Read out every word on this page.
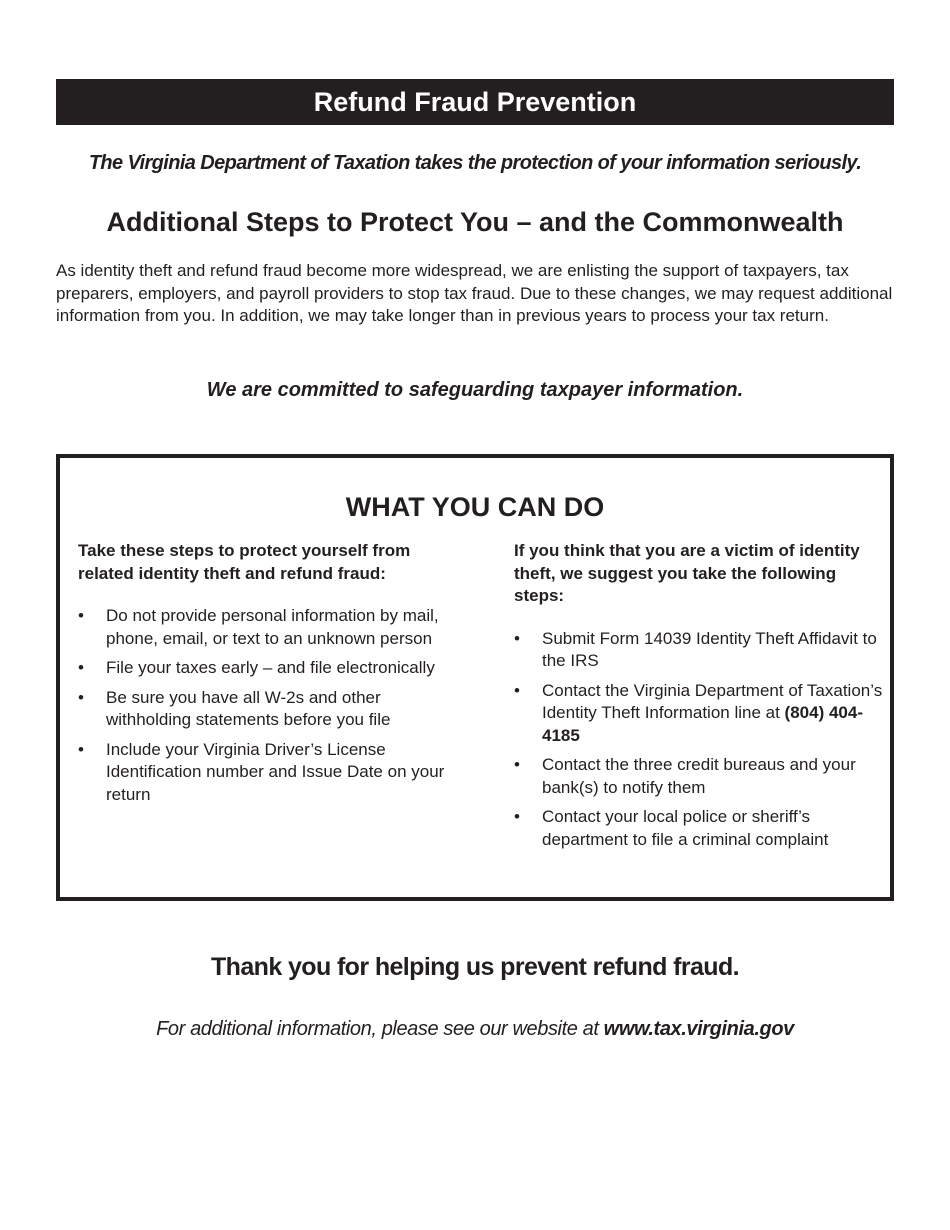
Refund Fraud Prevention
The Virginia Department of Taxation takes the protection of your information seriously.
Additional Steps to Protect You – and the Commonwealth
As identity theft and refund fraud become more widespread, we are enlisting the support of taxpayers, tax preparers, employers, and payroll providers to stop tax fraud. Due to these changes, we may request additional information from you. In addition, we may take longer than in previous years to process your tax return.
We are committed to safeguarding taxpayer information.
WHAT YOU CAN DO

Take these steps to protect yourself from related identity theft and refund fraud:

• Do not provide personal information by mail, phone, email, or text to an unknown person
• File your taxes early – and file electronically
• Be sure you have all W-2s and other withholding statements before you file
• Include your Virginia Driver’s License Identification number and Issue Date on your return

If you think that you are a victim of identity theft, we suggest you take the following steps:

• Submit Form 14039 Identity Theft Affidavit to the IRS
• Contact the Virginia Department of Taxation’s Identity Theft Information line at (804) 404-4185
• Contact the three credit bureaus and your bank(s) to notify them
• Contact your local police or sheriff’s department to file a criminal complaint
Thank you for helping us prevent refund fraud.
For additional information, please see our website at www.tax.virginia.gov
